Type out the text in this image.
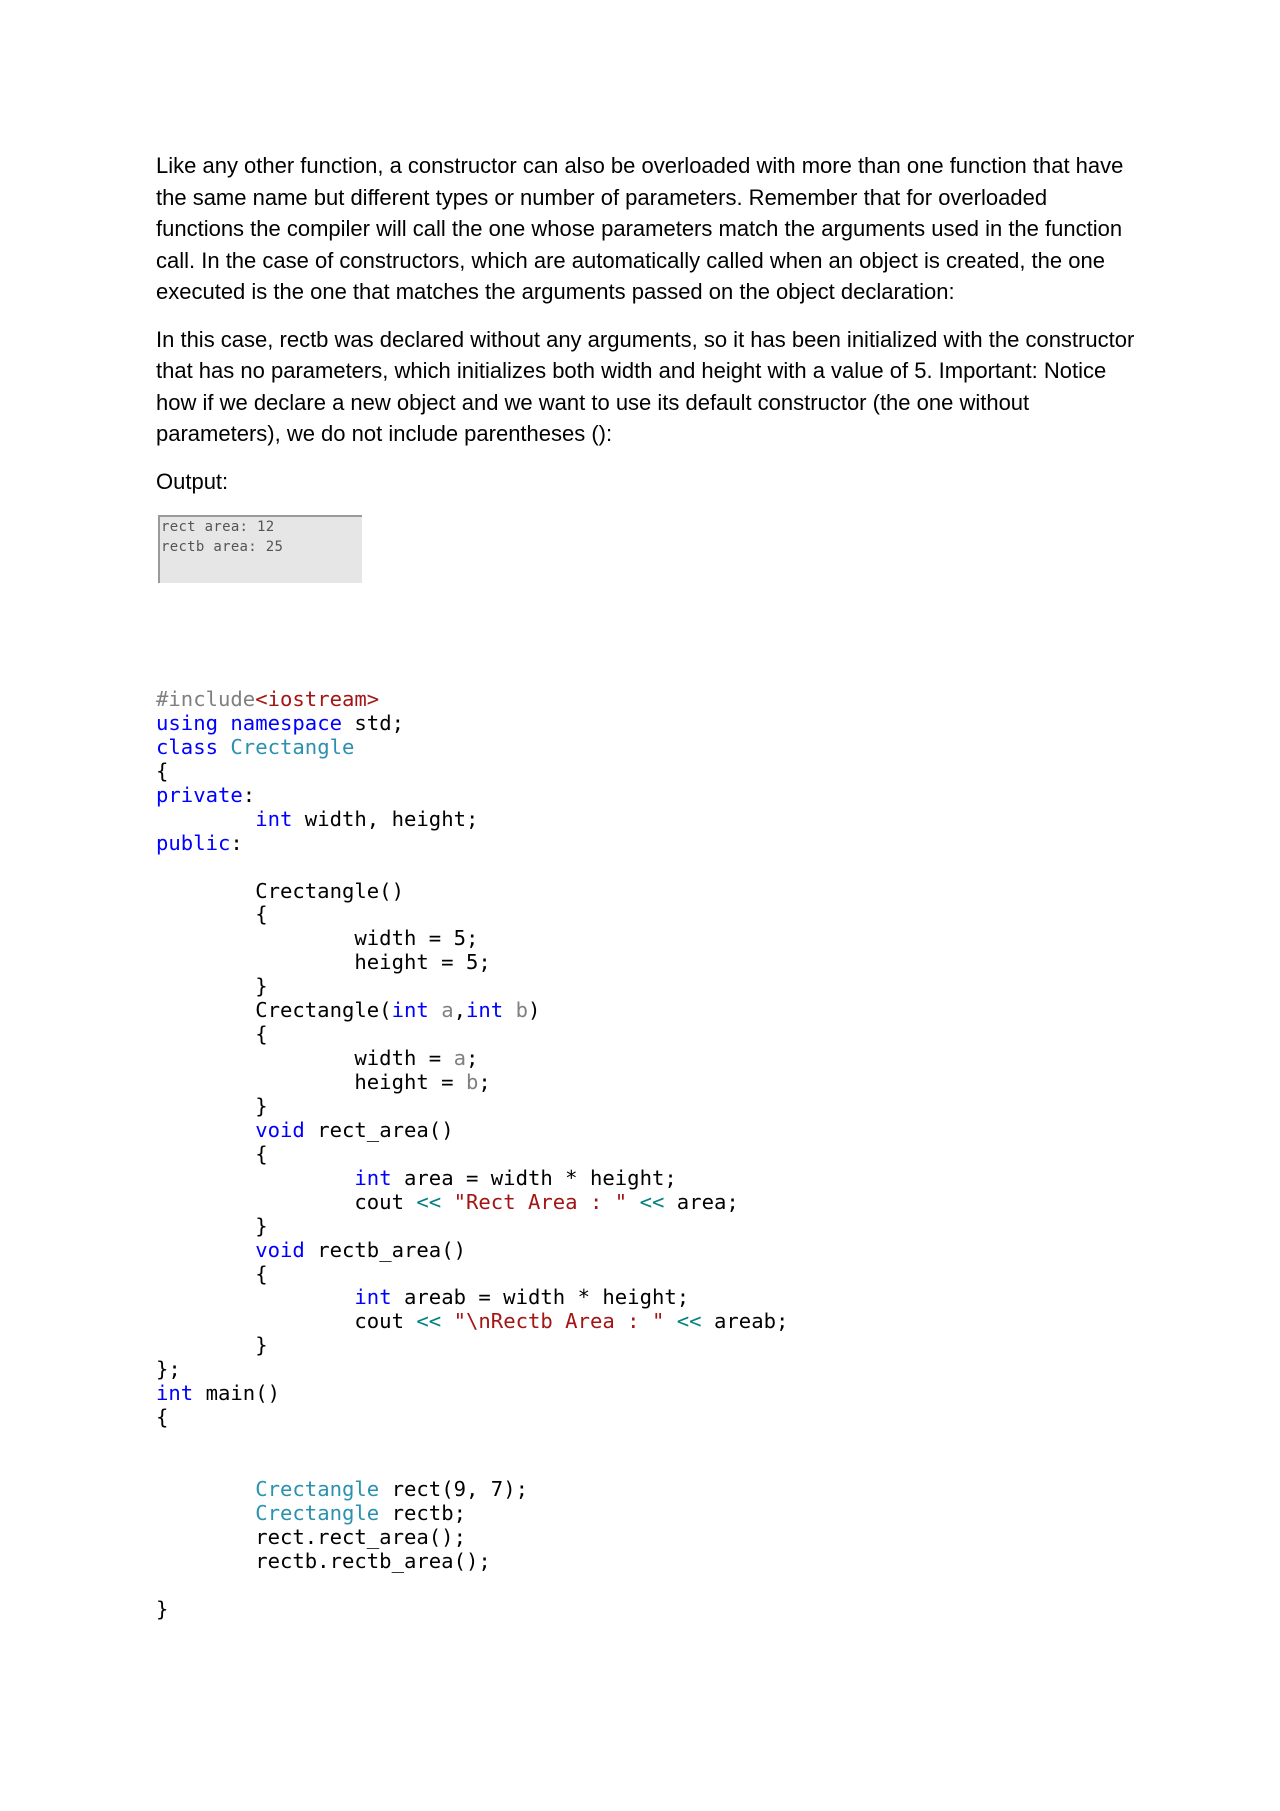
Like any other function, a constructor can also be overloaded with more than one function that have the same name but different types or number of parameters. Remember that for overloaded functions the compiler will call the one whose parameters match the arguments used in the function call. In the case of constructors, which are automatically called when an object is created, the one executed is the one that matches the arguments passed on the object declaration:

In this case, rectb was declared without any arguments, so it has been initialized with the constructor that has no parameters, which initializes both width and height with a value of 5. Important: Notice how if we declare a new object and we want to use its default constructor (the one without parameters), we do not include parentheses ():

Output:

rect area: 12
rectb area: 25
#include<iostream>
using namespace std;
class Crectangle
{
private:
int width, height;
public:
Crectangle()
{
width = 5;
height = 5;
}
Crectangle(int a,int b)
{
width = a;
height = b;
}
void rect_area()
{
int area = width * height;
cout << "Rect Area : " << area;
}
void rectb_area()
{
int areab = width * height;
cout << "\nRectb Area : " << areab;
}
};
int main()
{
Crectangle rect(9, 7);
Crectangle rectb;
rect.rect_area();
rectb.rectb_area();
}
